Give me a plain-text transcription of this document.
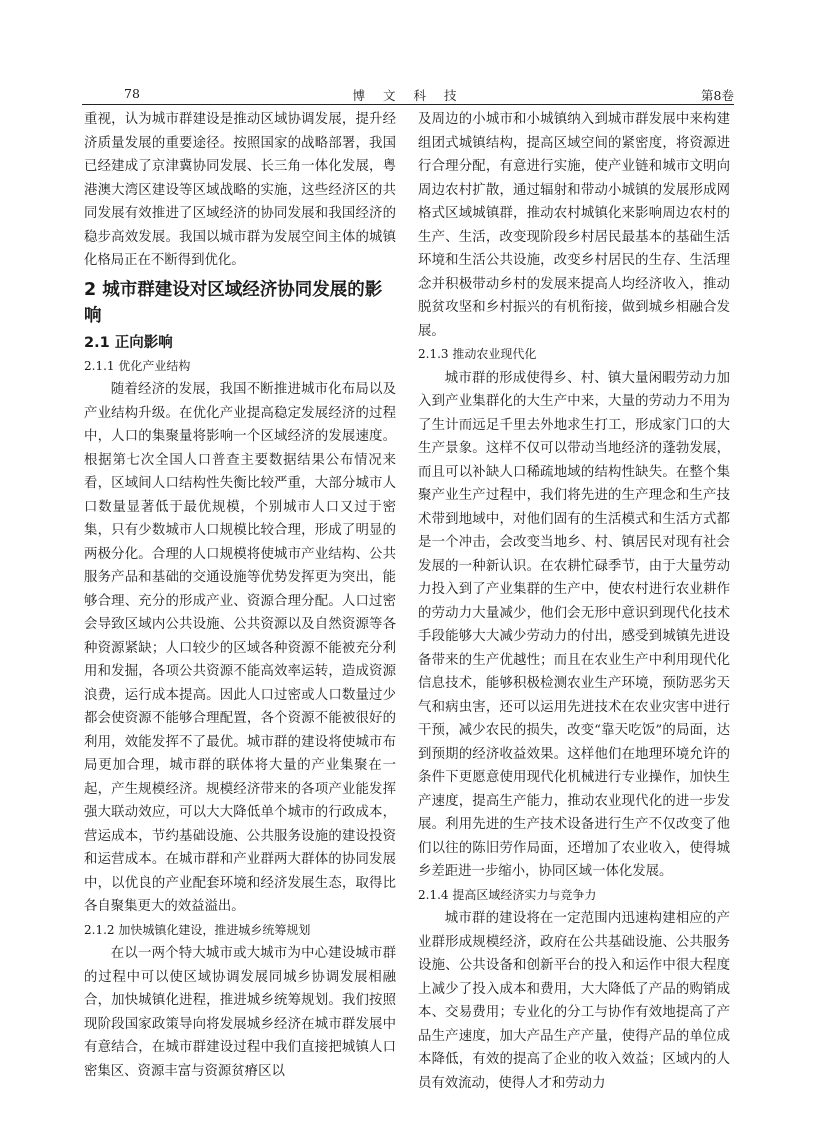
78	博 文 科 技	第8卷

重视，认为城市群建设是推动区域协调发展，提升经济质量发展的重要途径。按照国家的战略部署，我国已经建成了京津冀协同发展、长三角一体化发展，粤港澳大湾区建设等区域战略的实施，这些经济区的共同发展有效推进了区域经济的协同发展和我国经济的稳步高效发展。我国以城市群为发展空间主体的城镇化格局正在不断得到优化。

2 城市群建设对区域经济协同发展的影响
2.1 正向影响
2.1.1 优化产业结构

随着经济的发展，我国不断推进城市化布局以及产业结构升级。在优化产业提高稳定发展经济的过程中，人口的集聚量将影响一个区域经济的发展速度。根据第七次全国人口普查主要数据结果公布情况来看，区域间人口结构性失衡比较严重，大部分城市人口数量显著低于最优规模，个别城市人口又过于密集，只有少数城市人口规模比较合理，形成了明显的两极分化。合理的人口规模将使城市产业结构、公共服务产品和基础的交通设施等优势发挥更为突出，能够合理、充分的形成产业、资源合理分配。人口过密会导致区域内公共设施、公共资源以及自然资源等各种资源紧缺；人口较少的区域各种资源不能被充分利用和发掘，各项公共资源不能高效率运转，造成资源浪费，运行成本提高。因此人口过密或人口数量过少都会使资源不能够合理配置，各个资源不能被很好的利用，效能发挥不了最优。城市群的建设将使城市布局更加合理，城市群的联体将大量的产业集聚在一起，产生规模经济。规模经济带来的各项产业能发挥强大联动效应，可以大大降低单个城市的行政成本，营运成本，节约基础设施、公共服务设施的建设投资和运营成本。在城市群和产业群两大群体的协同发展中，以优良的产业配套环境和经济发展生态，取得比各自聚集更大的效益溢出。

2.1.2 加快城镇化建设，推进城乡统筹规划

在以一两个特大城市或大城市为中心建设城市群的过程中可以使区域协调发展同城乡协调发展相融合，加快城镇化进程，推进城乡统筹规划。我们按照现阶段国家政策导向将发展城乡经济在城市群发展中有意结合，在城市群建设过程中我们直接把城镇人口密集区、资源丰富与资源贫瘠区以

及周边的小城市和小城镇纳入到城市群发展中来构建组团式城镇结构，提高区域空间的紧密度，将资源进行合理分配，有意进行实施，使产业链和城市文明向周边农村扩散，通过辐射和带动小城镇的发展形成网格式区域城镇群，推动农村城镇化来影响周边农村的生产、生活，改变现阶段乡村居民最基本的基础生活环境和生活公共设施，改变乡村居民的生存、生活理念并积极带动乡村的发展来提高人均经济收入，推动脱贫攻坚和乡村振兴的有机衔接，做到城乡相融合发展。

2.1.3 推动农业现代化

城市群的形成使得乡、村、镇大量闲暇劳动力加入到产业集群化的大生产中来，大量的劳动力不用为了生计而远足千里去外地求生打工，形成家门口的大生产景象。这样不仅可以带动当地经济的蓬勃发展，而且可以补缺人口稀疏地域的结构性缺失。在整个集聚产业生产过程中，我们将先进的生产理念和生产技术带到地域中，对他们固有的生活模式和生活方式都是一个冲击，会改变当地乡、村、镇居民对现有社会发展的一种新认识。在农耕忙碌季节，由于大量劳动力投入到了产业集群的生产中，使农村进行农业耕作的劳动力大量减少，他们会无形中意识到现代化技术手段能够大大减少劳动力的付出，感受到城镇先进设备带来的生产优越性；而且在农业生产中利用现代化信息技术，能够积极检测农业生产环境，预防恶劣天气和病虫害，还可以运用先进技术在农业灾害中进行干预，减少农民的损失，改变“靠天吃饭”的局面，达到预期的经济收益效果。这样他们在地理环境允许的条件下更愿意使用现代化机械进行专业操作，加快生产速度，提高生产能力，推动农业现代化的进一步发展。利用先进的生产技术设备进行生产不仅改变了他们以往的陈旧劳作局面，还增加了农业收入，使得城乡差距进一步缩小，协同区域一体化发展。

2.1.4 提高区域经济实力与竞争力

城市群的建设将在一定范围内迅速构建相应的产业群形成规模经济，政府在公共基础设施、公共服务设施、公共设备和创新平台的投入和运作中很大程度上减少了投入成本和费用，大大降低了产品的购销成本、交易费用；专业化的分工与协作有效地提高了产品生产速度，加大产品生产产量，使得产品的单位成本降低，有效的提高了企业的收入效益；区域内的人员有效流动，使得人才和劳动力
